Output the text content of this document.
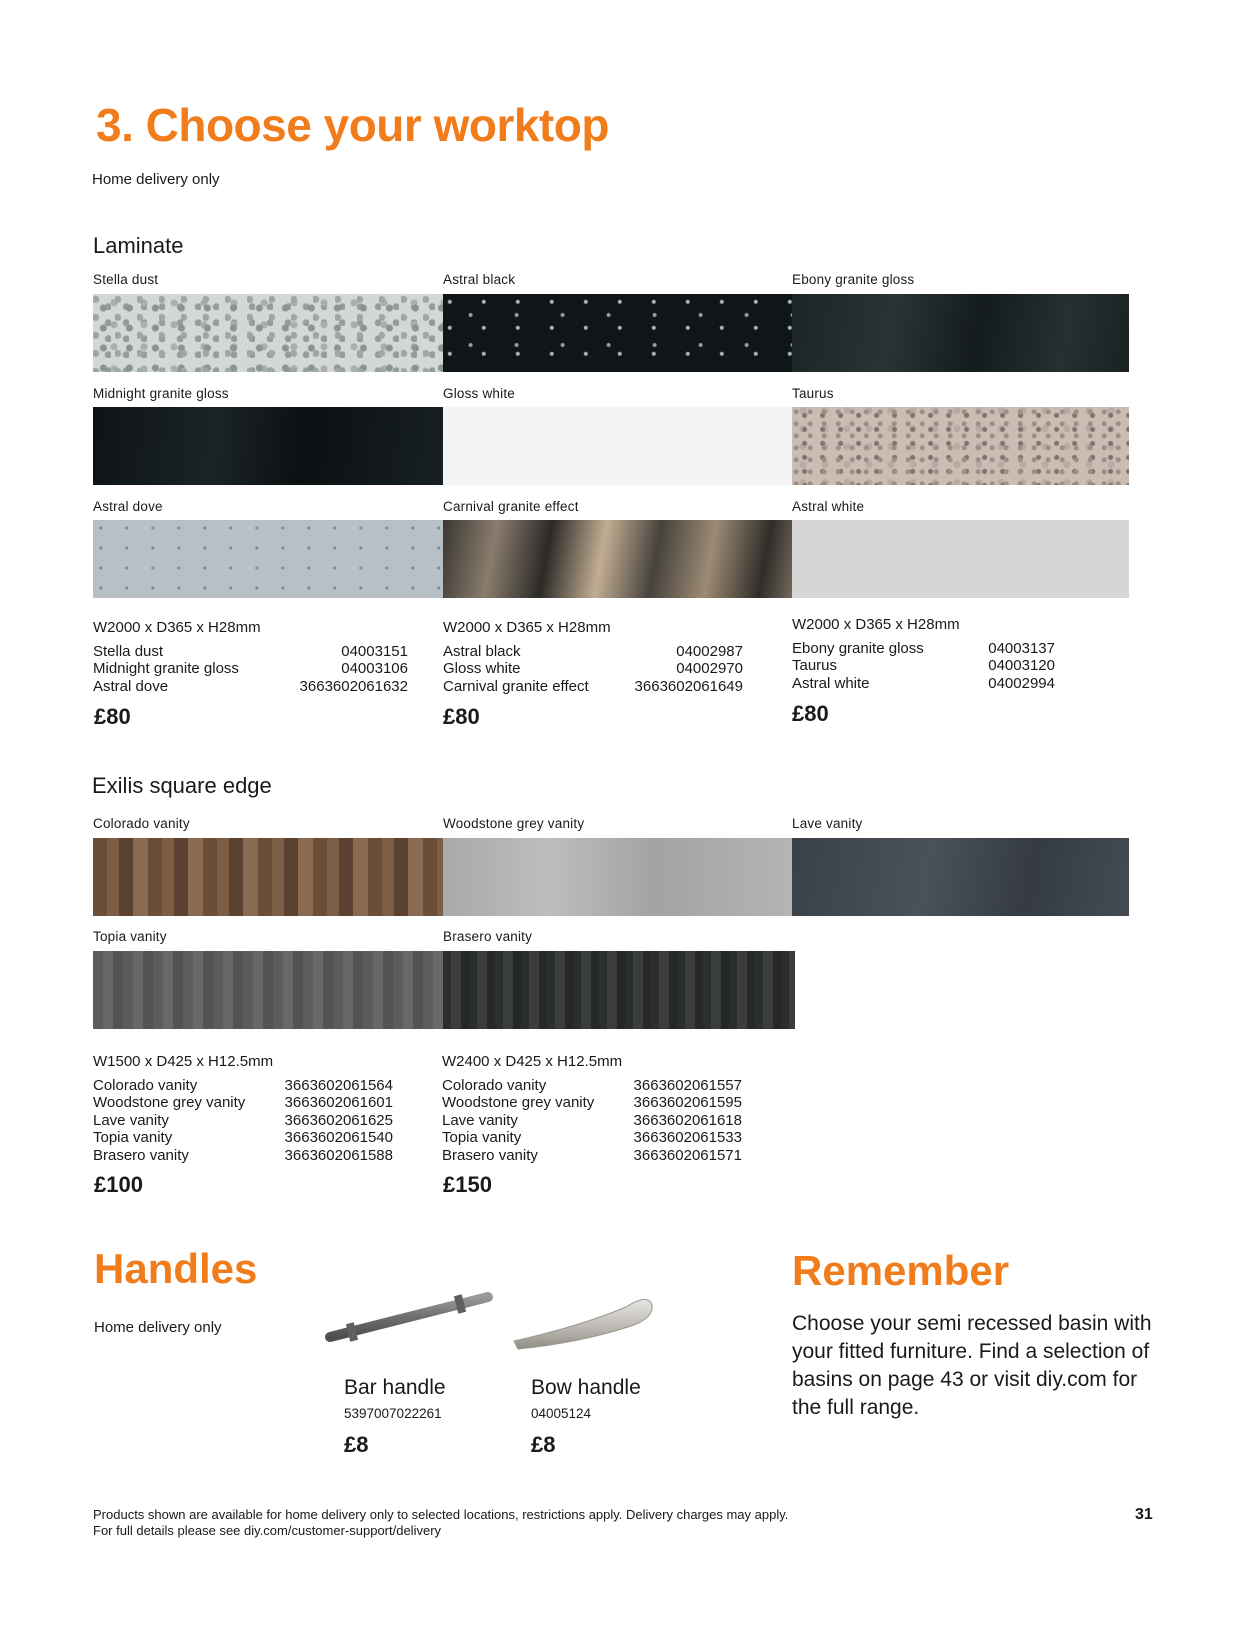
3. Choose your worktop
Home delivery only
Laminate
Stella dust	Astral black	Ebony granite gloss
Midnight granite gloss	Gloss white	Taurus
Astral dove	Carnival granite effect	Astral white
W2000 x D365 x H28mm
Stella dust	04003151
Midnight granite gloss	04003106
Astral dove	3663602061632
£80
W2000 x D365 x H28mm
Astral black	04002987
Gloss white	04002970
Carnival granite effect	3663602061649
£80
W2000 x D365 x H28mm
Ebony granite gloss	04003137
Taurus	04003120
Astral white	04002994
£80
Exilis square edge
Colorado vanity	Woodstone grey vanity	Lave vanity
Topia vanity	Brasero vanity
W1500 x D425 x H12.5mm
Colorado vanity	3663602061564
Woodstone grey vanity	3663602061601
Lave vanity	3663602061625
Topia vanity	3663602061540
Brasero vanity	3663602061588
£100
W2400 x D425 x H12.5mm
Colorado vanity	3663602061557
Woodstone grey vanity	3663602061595
Lave vanity	3663602061618
Topia vanity	3663602061533
Brasero vanity	3663602061571
£150
Handles
Home delivery only
Bar handle
5397007022261
£8
Bow handle
04005124
£8
Remember
Choose your semi recessed basin with your fitted furniture. Find a selection of basins on page 43 or visit diy.com for the full range.
Products shown are available for home delivery only to selected locations, restrictions apply. Delivery charges may apply.
For full details please see diy.com/customer-support/delivery
31
